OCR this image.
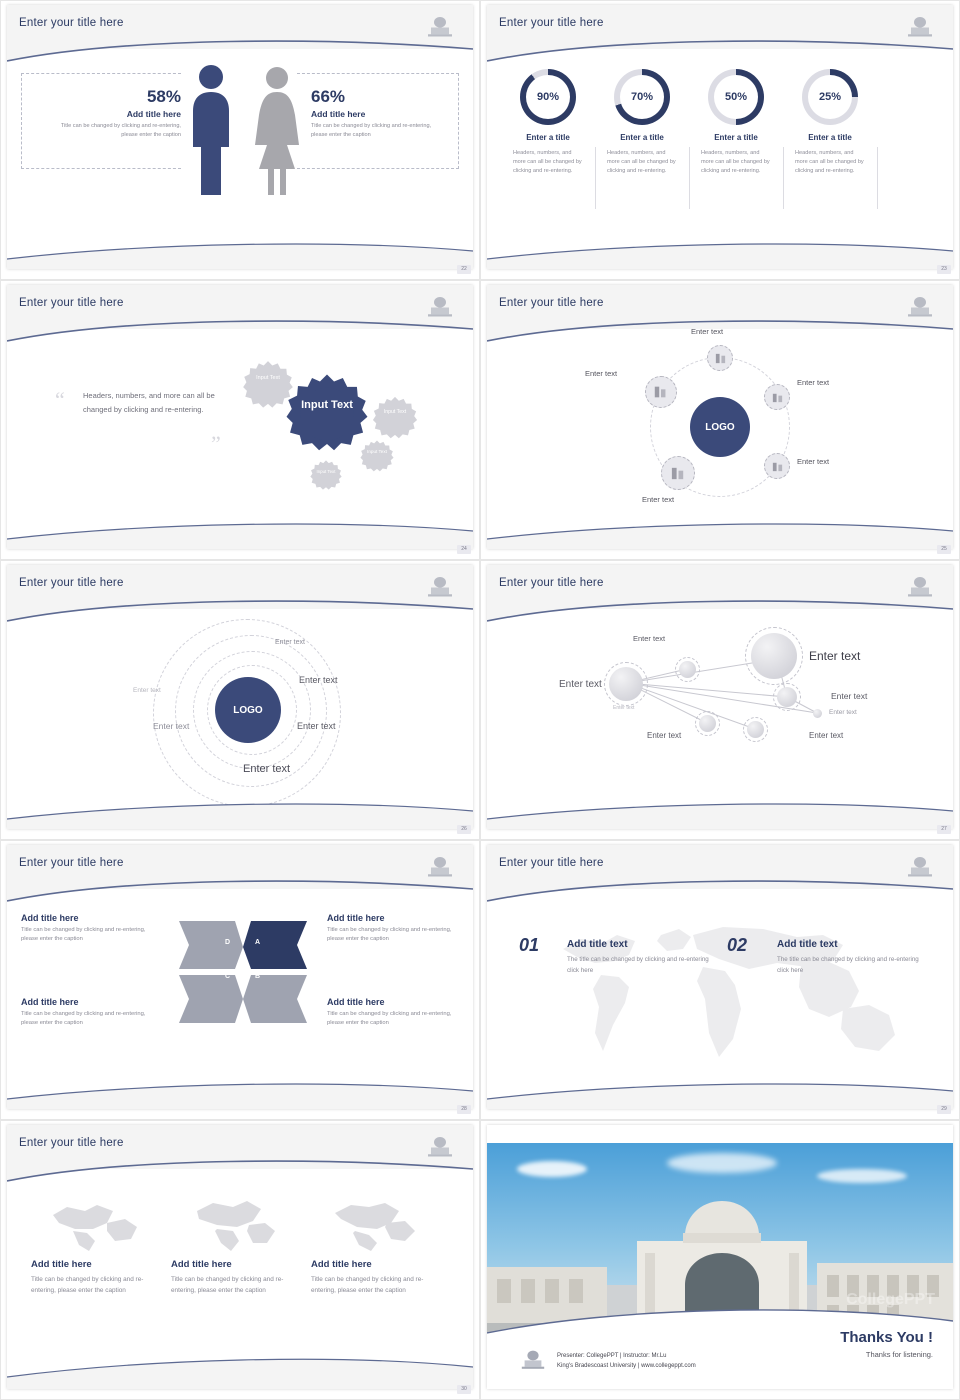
Enter your title here
58%
Add title here
Title can be changed by clicking and re-entering, please enter the caption
66%
Add title here
Title can be changed by clicking and re-entering, please enter the caption
22
Enter your title here
90%
Enter a title
Headers, numbers, and more can all be changed by clicking and re-entering.
70%
Enter a title
Headers, numbers, and more can all be changed by clicking and re-entering.
50%
Enter a title
Headers, numbers, and more can all be changed by clicking and re-entering.
25%
Enter a title
Headers, numbers, and more can all be changed by clicking and re-entering.
23
Enter your title here
“
”
Headers, numbers, and more can all be changed by clicking and re-entering.	Input Text
Input Text
Input Text
Input Text
Input Text
24
Enter your title here
LOGO
Enter text
Enter text
Enter text
Enter text
Enter text
25
Enter your title here
LOGO
Enter text
Enter text
Enter text
Enter text
Enter text
Enter text
26
Enter your title here
Enter text
Enter text
Enter text
Enter text
Enter text
Enter text	Enter text
Enter text
27
Enter your title here
Add title here
Title can be changed by clicking and re-entering, please enter the caption
Add title here
Title can be changed by clicking and re-entering, please enter the caption
Add title here
Title can be changed by clicking and re-entering, please enter the caption
Add title here
Title can be changed by clicking and re-entering, please enter the caption
D	A
C	B
28
Enter your title here
01	Add title text
The title can be changed by clicking and re-entering click here
02	Add title text
The title can be changed by clicking and re-entering click here
29
Enter your title here
Add title here
Title can be changed by clicking and re-entering, please enter the caption
Add title here
Title can be changed by clicking and re-entering, please enter the caption
Add title here
Title can be changed by clicking and re-entering, please enter the caption
30
CollegePPT
Presenter: CollegePPT | Instructor: Mr.Lu
King's Bradescoast University | www.collegeppt.com
Thanks You !
Thanks for listening.
